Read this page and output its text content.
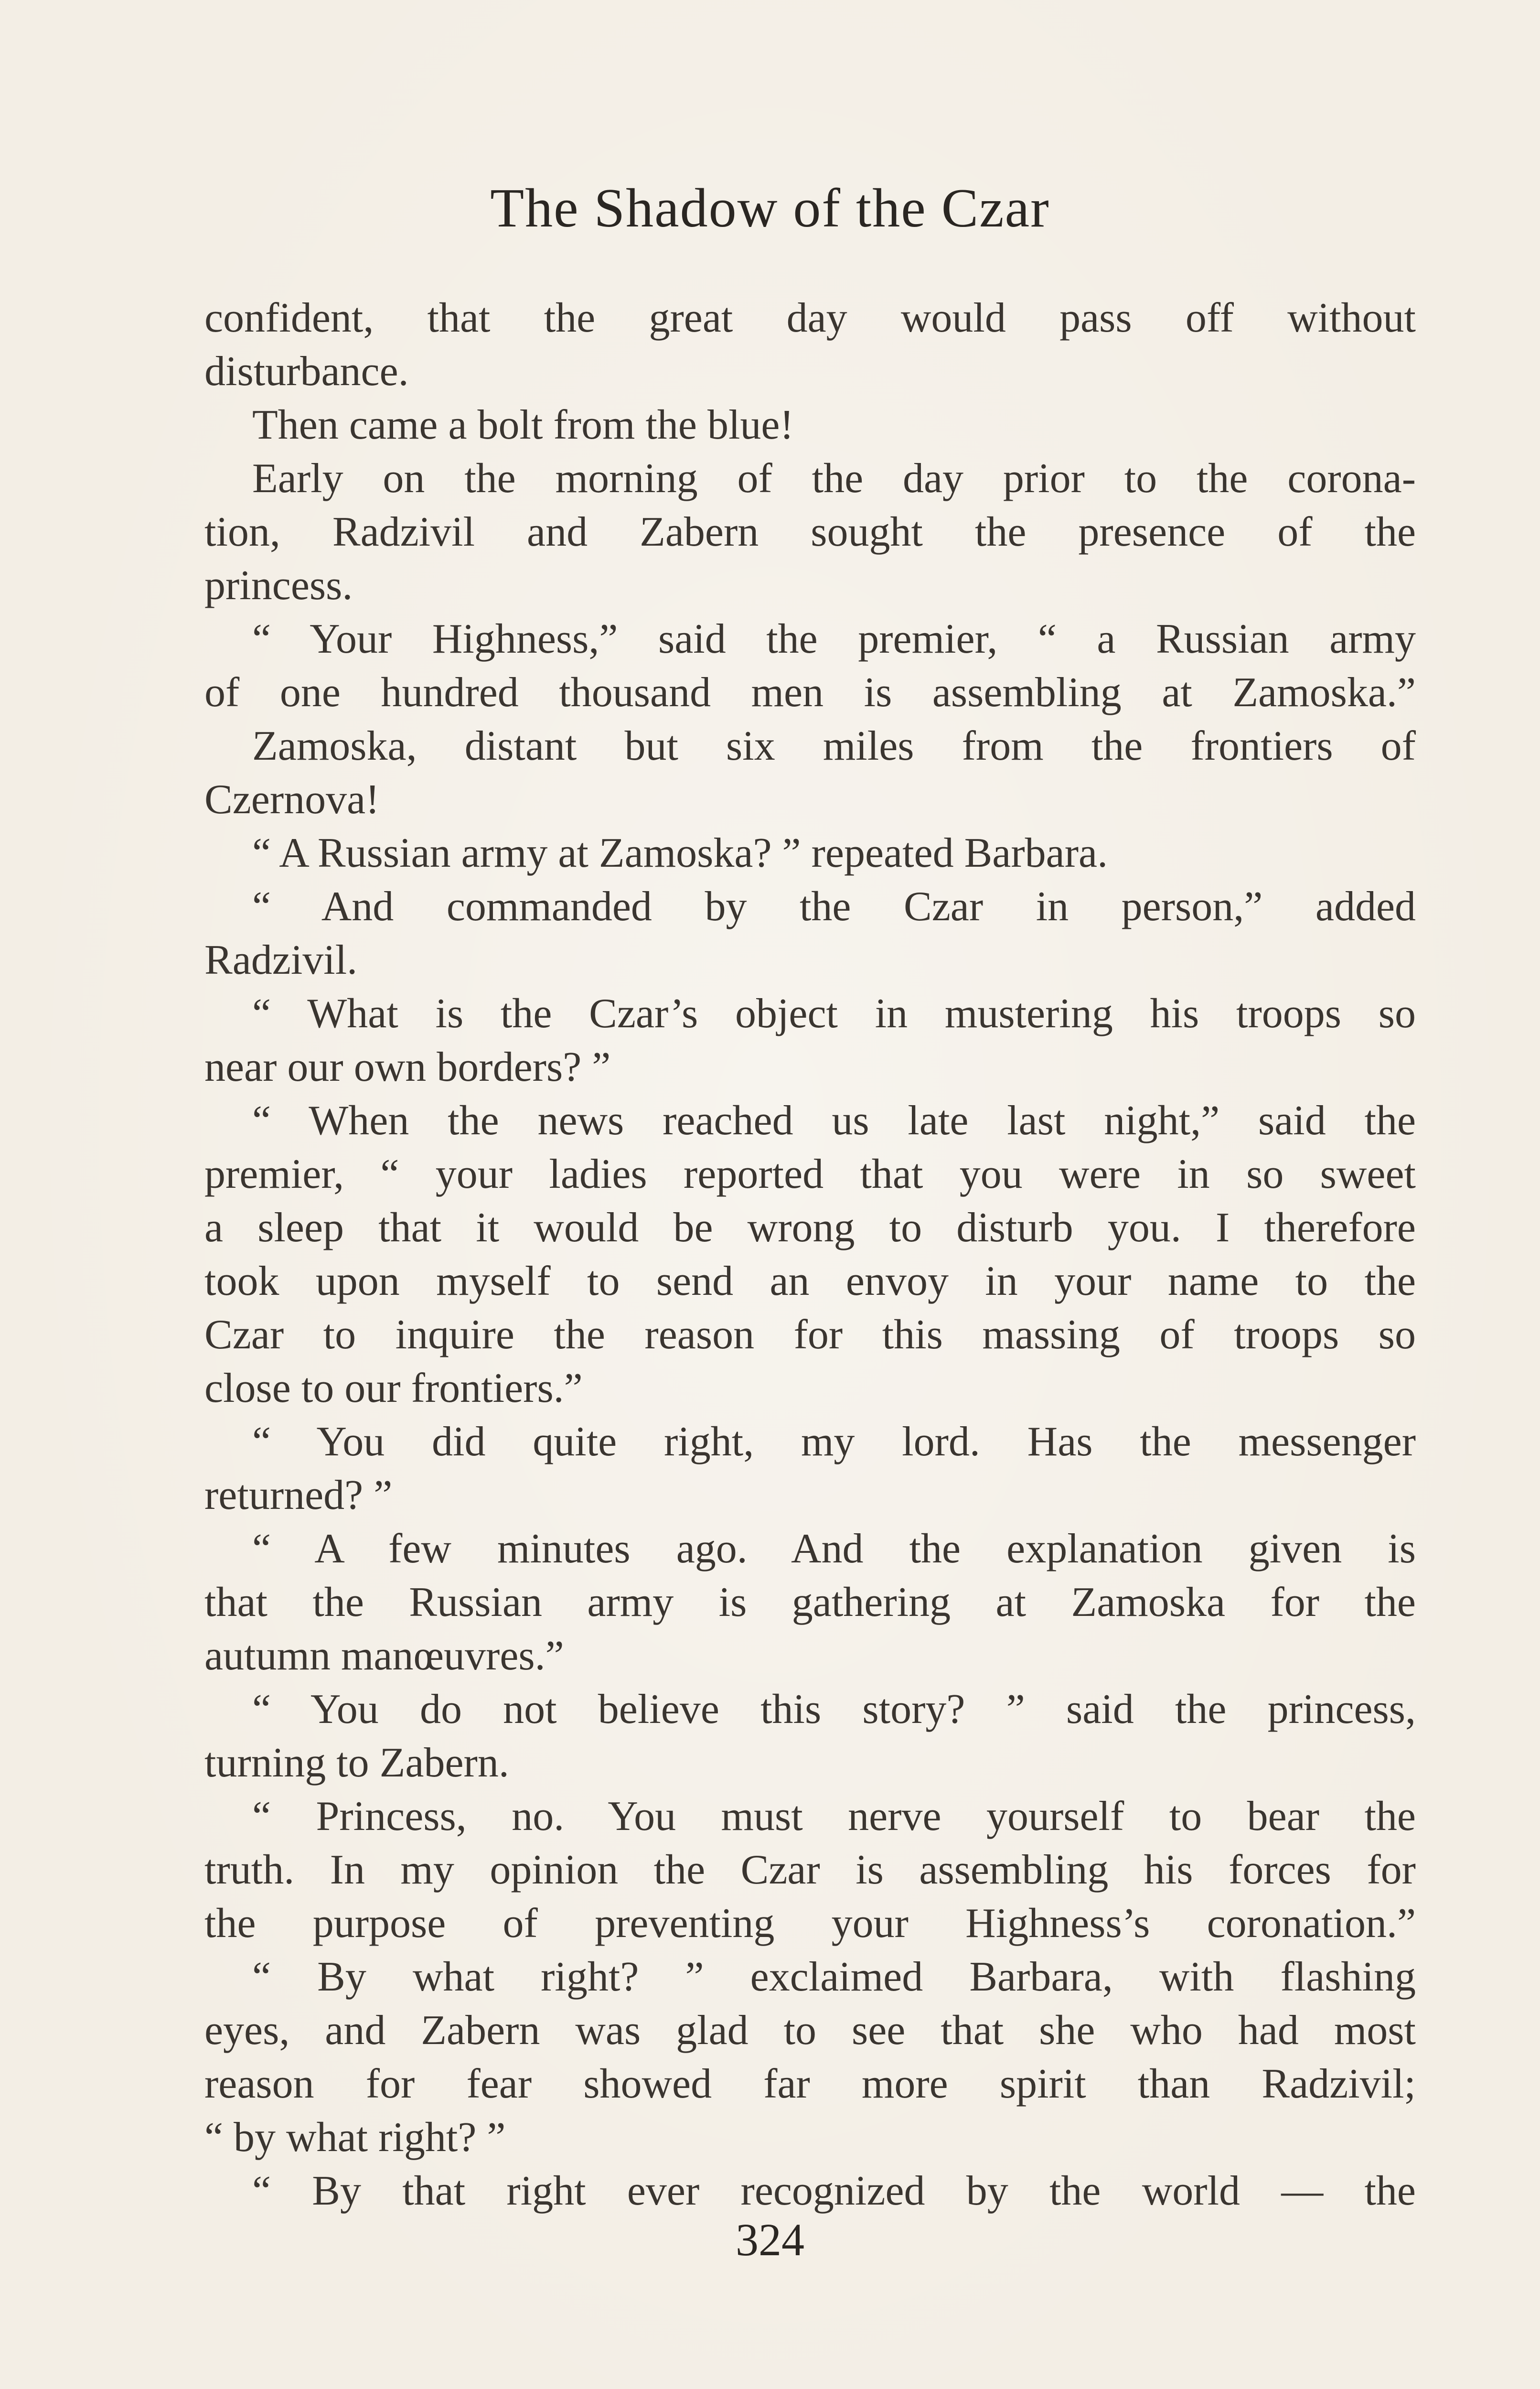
The Shadow of the Czar
confident, that the great day would pass off without
disturbance.
Then came a bolt from the blue!
Early on the morning of the day prior to the corona-
tion, Radzivil and Zabern sought the presence of the
princess.
“ Your Highness,” said the premier, “ a Russian army
of one hundred thousand men is assembling at Zamoska.”
Zamoska, distant but six miles from the frontiers of
Czernova!
“ A Russian army at Zamoska? ” repeated Barbara.
“ And commanded by the Czar in person,” added
Radzivil.
“ What is the Czar’s object in mustering his troops so
near our own borders? ”
“ When the news reached us late last night,” said the
premier, “ your ladies reported that you were in so sweet
a sleep that it would be wrong to disturb you. I therefore
took upon myself to send an envoy in your name to the
Czar to inquire the reason for this massing of troops so
close to our frontiers.”
“ You did quite right, my lord. Has the messenger
returned? ”
“ A few minutes ago. And the explanation given is
that the Russian army is gathering at Zamoska for the
autumn manœuvres.”
“ You do not believe this story? ” said the princess,
turning to Zabern.
“ Princess, no. You must nerve yourself to bear the
truth. In my opinion the Czar is assembling his forces for
the purpose of preventing your Highness’s coronation.”
“ By what right? ” exclaimed Barbara, with flashing
eyes, and Zabern was glad to see that she who had most
reason for fear showed far more spirit than Radzivil;
“ by what right? ”
“ By that right ever recognized by the world — the
324
